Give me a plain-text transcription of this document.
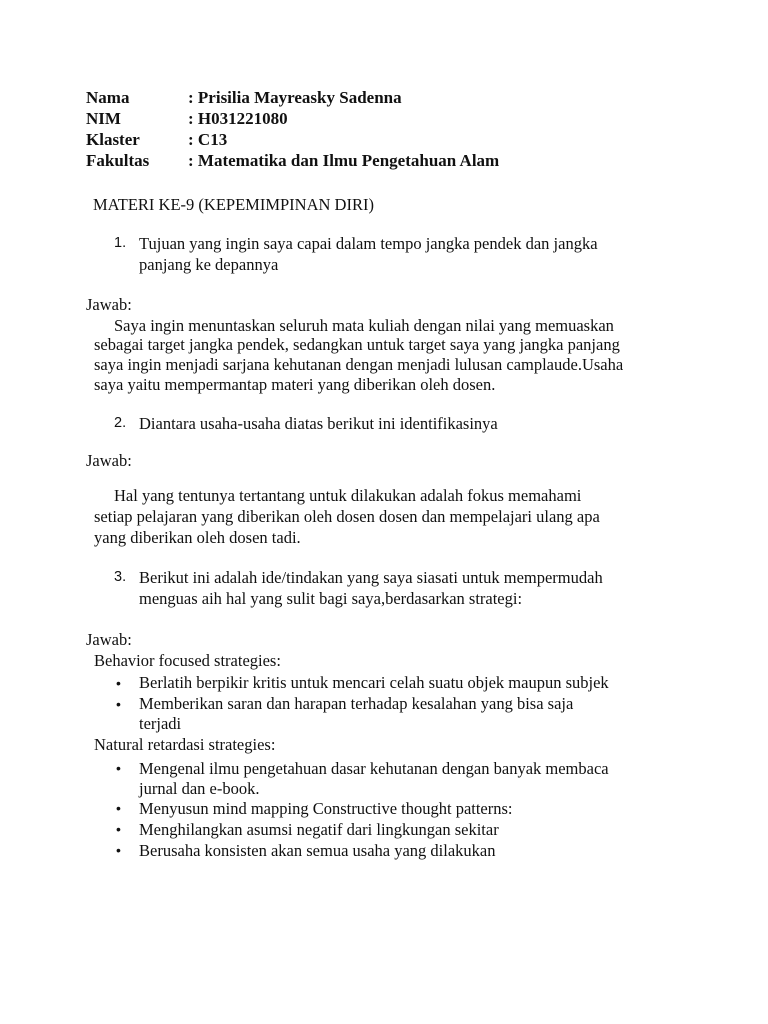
Nama	: Prisilia Mayreasky Sadenna
NIM	: H031221080
Klaster	: C13
Fakultas : Matematika dan Ilmu Pengetahuan Alam
MATERI KE-9 (KEPEMIMPINAN DIRI)
1. Tujuan yang ingin saya capai dalam tempo jangka pendek dan jangka
panjang ke depannya
Jawab:
Saya ingin menuntaskan seluruh mata kuliah dengan nilai yang memuaskan
sebagai target jangka pendek, sedangkan untuk target saya yang jangka panjang
saya ingin menjadi sarjana kehutanan dengan menjadi lulusan camplaude.Usaha
saya yaitu mempermantap materi yang diberikan oleh dosen.
2. Diantara usaha-usaha diatas berikut ini identifikasinya
Jawab:
Hal yang tentunya tertantang untuk dilakukan adalah fokus memahami
setiap pelajaran yang diberikan oleh dosen dosen dan mempelajari ulang apa
yang diberikan oleh dosen tadi.
3. Berikut ini adalah ide/tindakan yang saya siasati untuk mempermudah
menguas aih hal yang sulit bagi saya,berdasarkan strategi:
Jawab:
Behavior focused strategies:
• Berlatih berpikir kritis untuk mencari celah suatu objek maupun subjek
• Memberikan saran dan harapan terhadap kesalahan yang bisa saja
terjadi
Natural retardasi strategies:
• Mengenal ilmu pengetahuan dasar kehutanan dengan banyak membaca
jurnal dan e-book.
• Menyusun mind mapping Constructive thought patterns:
• Menghilangkan asumsi negatif dari lingkungan sekitar
• Berusaha konsisten akan semua usaha yang dilakukan
